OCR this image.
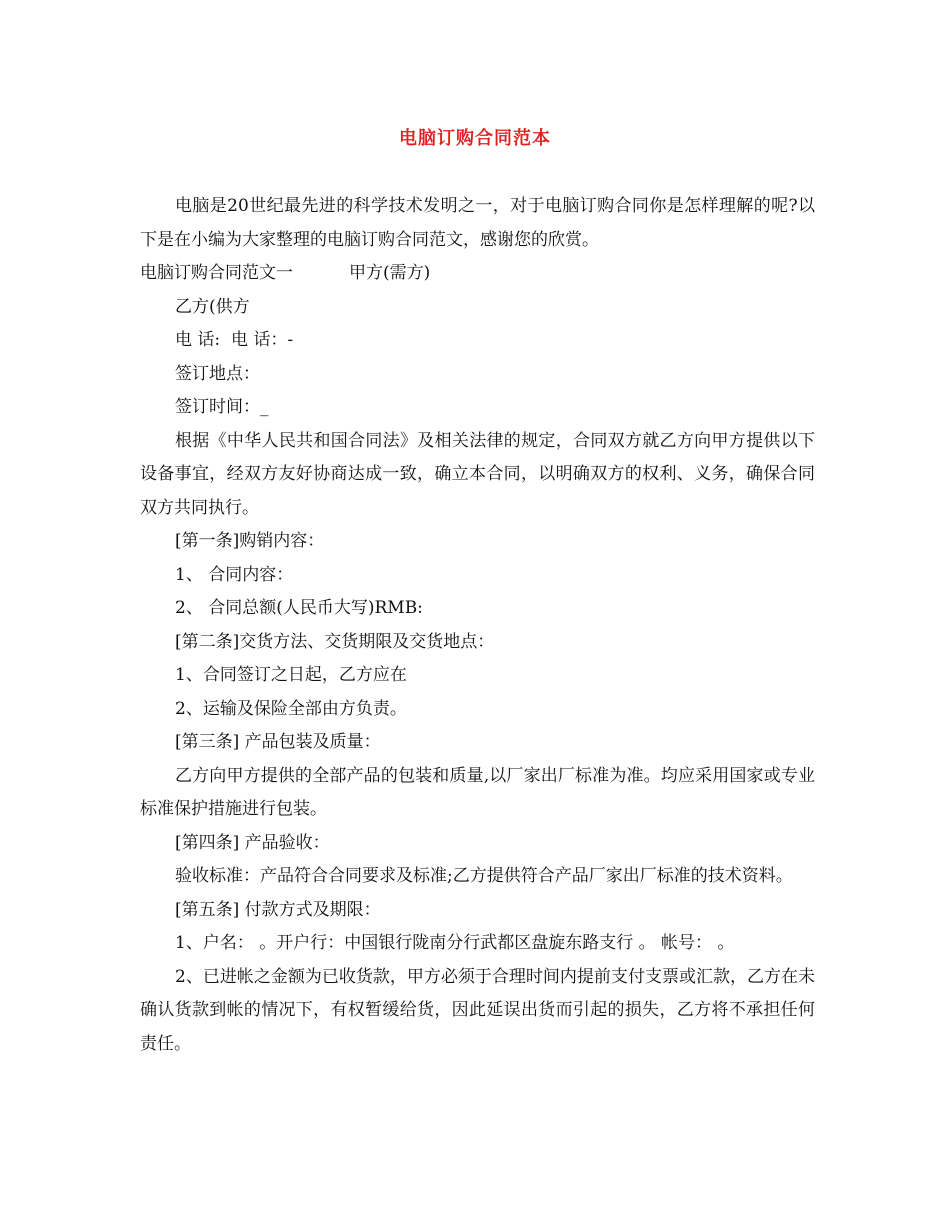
电脑订购合同范本

电脑是20世纪最先进的科学技术发明之一，对于电脑订购合同你是怎样理解的呢?以下是在小编为大家整理的电脑订购合同范文，感谢您的欣赏。

电脑订购合同范文一	甲方(需方)

乙方(供方

电 话:  电 话：-

签订地点：

签订时间：_

根据《中华人民共和国合同法》及相关法律的规定，合同双方就乙方向甲方提供以下设备事宜，经双方友好协商达成一致，确立本合同，以明确双方的权利、义务，确保合同双方共同执行。

[第一条]购销内容：

1、 合同内容：

2、 合同总额(人民币大写)RMB:

[第二条]交货方法、交货期限及交货地点：

1、合同签订之日起，乙方应在

2、运输及保险全部由方负责。

[第三条] 产品包装及质量：

乙方向甲方提供的全部产品的包装和质量,以厂家出厂标准为准。均应采用国家或专业标准保护措施进行包装。

[第四条] 产品验收：

验收标准：产品符合合同要求及标准;乙方提供符合产品厂家出厂标准的技术资料。

[第五条] 付款方式及期限：

1、户名： 。开户行：中国银行陇南分行武都区盘旋东路支行 。 帐号： 。

2、已进帐之金额为已收货款，甲方必须于合理时间内提前支付支票或汇款，乙方在未确认货款到帐的情况下，有权暂缓给货，因此延误出货而引起的损失，乙方将不承担任何责任。
